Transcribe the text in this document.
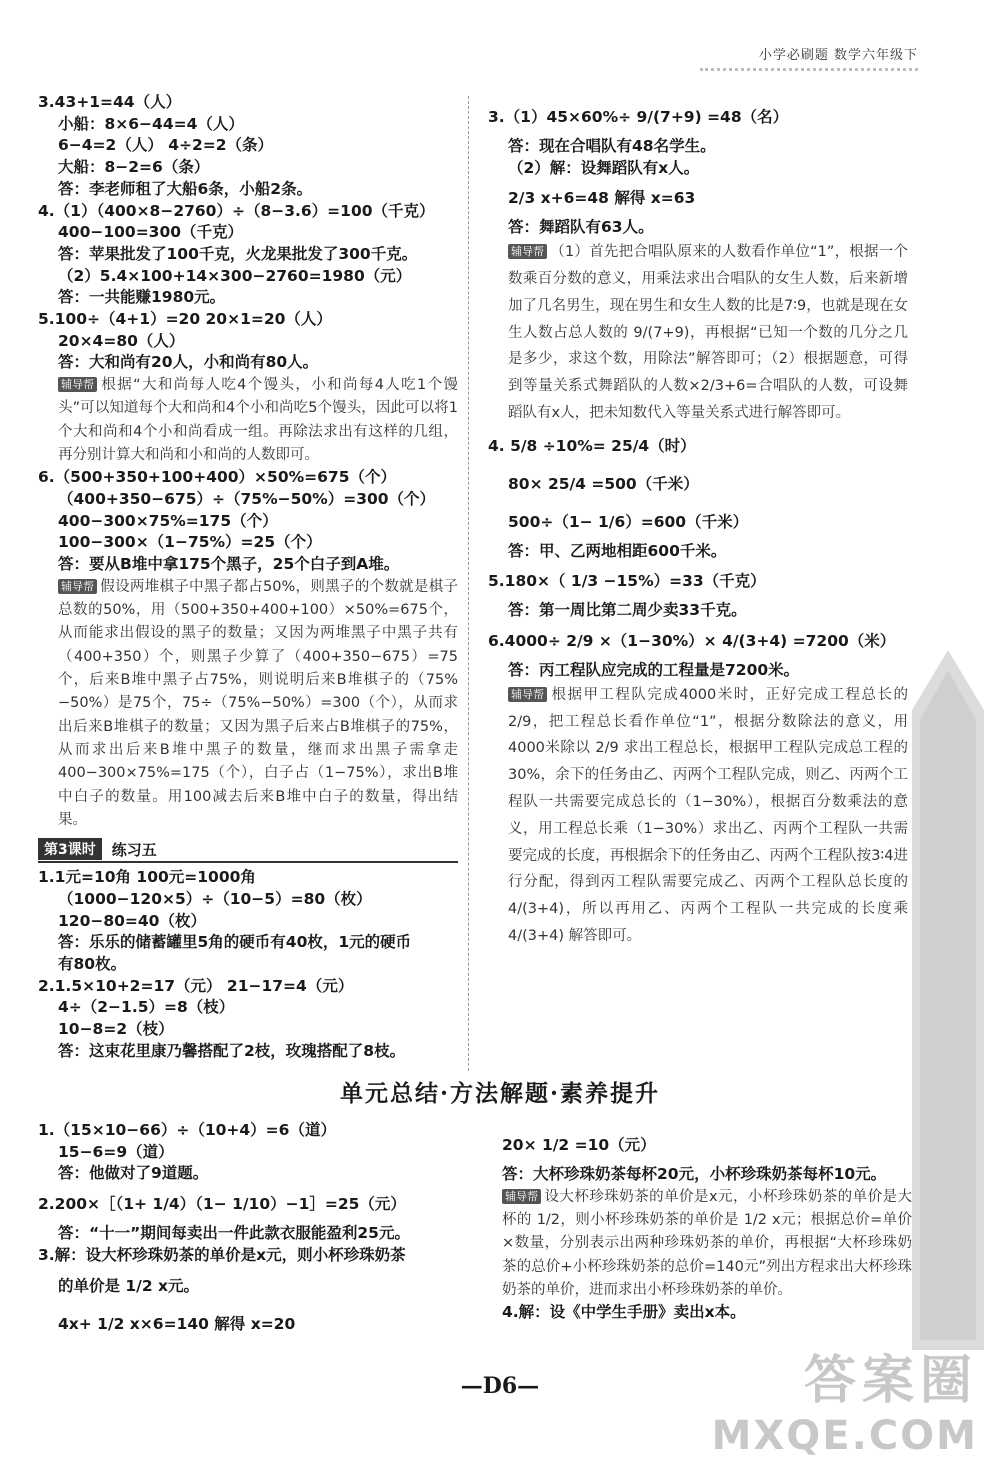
小学必刷题 数学六年级下
3.43+1=44（人）
小船：8×6−44=4（人）
6−4=2（人） 4÷2=2（条）
大船：8−2=6（条）
答：李老师租了大船6条，小船2条。
4.（1）（400×8−2760）÷（8−3.6）=100（千克）
400−100=300（千克）
答：苹果批发了100千克，火龙果批发了300千克。
（2）5.4×100+14×300−2760=1980（元）
答：一共能赚1980元。
5.100÷（4+1）=20 20×1=20（人）
20×4=80（人）
答：大和尚有20人，小和尚有80人。
辅导帮 根据“大和尚每人吃4个馒头，小和尚每4人吃1个馒头”可以知道每个大和尚和4个小和尚吃5个馒头，因此可以将1个大和尚和4个小和尚看成一组。再除法求出有这样的几组，再分别计算大和尚和小和尚的人数即可。
6.（500+350+100+400）×50%=675（个）
（400+350−675）÷（75%−50%）=300（个）
400−300×75%=175（个）
100−300×（1−75%）=25（个）
答：要从B堆中拿175个黑子，25个白子到A堆。
辅导帮 假设两堆棋子中黑子都占50%，则黑子的个数就是棋子总数的50%，用（500+350+400+100）×50%=675个，从而能求出假设的黑子的数量；又因为两堆黑子中黑子共有（400+350）个，则黑子少算了（400+350−675）=75个，后来B堆中黑子占75%，则说明后来B堆棋子的（75%−50%）是75个，75÷（75%−50%）=300（个），从而求出后来B堆棋子的数量；又因为黑子后来占B堆棋子的75%，从而求出后来B堆中黑子的数量，继而求出黑子需拿走400−300×75%=175（个），白子占（1−75%），求出B堆中白子的数量。用100减去后来B堆中白子的数量，得出结果。
第3课时	练习五
1.1元=10角 100元=1000角
（1000−120×5）÷（10−5）=80（枚）
120−80=40（枚）
答：乐乐的储蓄罐里5角的硬币有40枚，1元的硬币
有80枚。
2.1.5×10+2=17（元） 21−17=4（元）
4÷（2−1.5）=8（枝）
10−8=2（枝）
答：这束花里康乃馨搭配了2枝，玫瑰搭配了8枝。
3.（1）45×60%÷ 9/(7+9) =48（名）
答：现在合唱队有48名学生。
（2）解：设舞蹈队有x人。
2/3 x+6=48 解得 x=63
答：舞蹈队有63人。
辅导帮 （1）首先把合唱队原来的人数看作单位“1”，根据一个数乘百分数的意义，用乘法求出合唱队的女生人数，后来新增加了几名男生，现在男生和女生人数的比是7∶9，也就是现在女生人数占总人数的 9/(7+9)，再根据“已知一个数的几分之几是多少，求这个数，用除法”解答即可；（2）根据题意，可得到等量关系式舞蹈队的人数×2/3+6=合唱队的人数，可设舞蹈队有x人，把未知数代入等量关系式进行解答即可。
4. 5/8 ÷10%= 25/4（时）
80× 25/4 =500（千米）
500÷（1− 1/6）=600（千米）
答：甲、乙两地相距600千米。
5.180×（ 1/3 −15%）=33（千克）
答：第一周比第二周少卖33千克。
6.4000÷ 2/9 ×（1−30%）× 4/(3+4) =7200（米）
答：丙工程队应完成的工程量是7200米。
辅导帮 根据甲工程队完成4000米时，正好完成工程总长的 2/9，把工程总长看作单位“1”，根据分数除法的意义，用4000米除以 2/9 求出工程总长，根据甲工程队完成总工程的30%，余下的任务由乙、丙两个工程队完成，则乙、丙两个工程队一共需要完成总长的（1−30%），根据百分数乘法的意义，用工程总长乘（1−30%）求出乙、丙两个工程队一共需要完成的长度，再根据余下的任务由乙、丙两个工程队按3∶4进行分配，得到丙工程队需要完成乙、丙两个工程队总长度的 4/(3+4)，所以再用乙、丙两个工程队一共完成的长度乘 4/(3+4) 解答即可。
单元总结·方法解题·素养提升
1.（15×10−66）÷（10+4）=6（道）
15−6=9（道）
答：他做对了9道题。
2.200×［（1+ 1/4）（1− 1/10）−1］=25（元）
答：“十一”期间每卖出一件此款衣服能盈利25元。
3.解：设大杯珍珠奶茶的单价是x元，则小杯珍珠奶茶
的单价是 1/2 x元。
4x+ 1/2 x×6=140 解得 x=20
20× 1/2 =10（元）
答：大杯珍珠奶茶每杯20元，小杯珍珠奶茶每杯10元。
辅导帮 设大杯珍珠奶茶的单价是x元，小杯珍珠奶茶的单价是大杯的 1/2，则小杯珍珠奶茶的单价是 1/2 x元；根据总价=单价×数量，分别表示出两种珍珠奶茶的单价，再根据“大杯珍珠奶茶的总价+小杯珍珠奶茶的总价=140元”列出方程求出大杯珍珠奶茶的单价，进而求出小杯珍珠奶茶的单价。
4.解：设《中学生手册》卖出x本。
—D6—	答案圈
MXQE.COM
